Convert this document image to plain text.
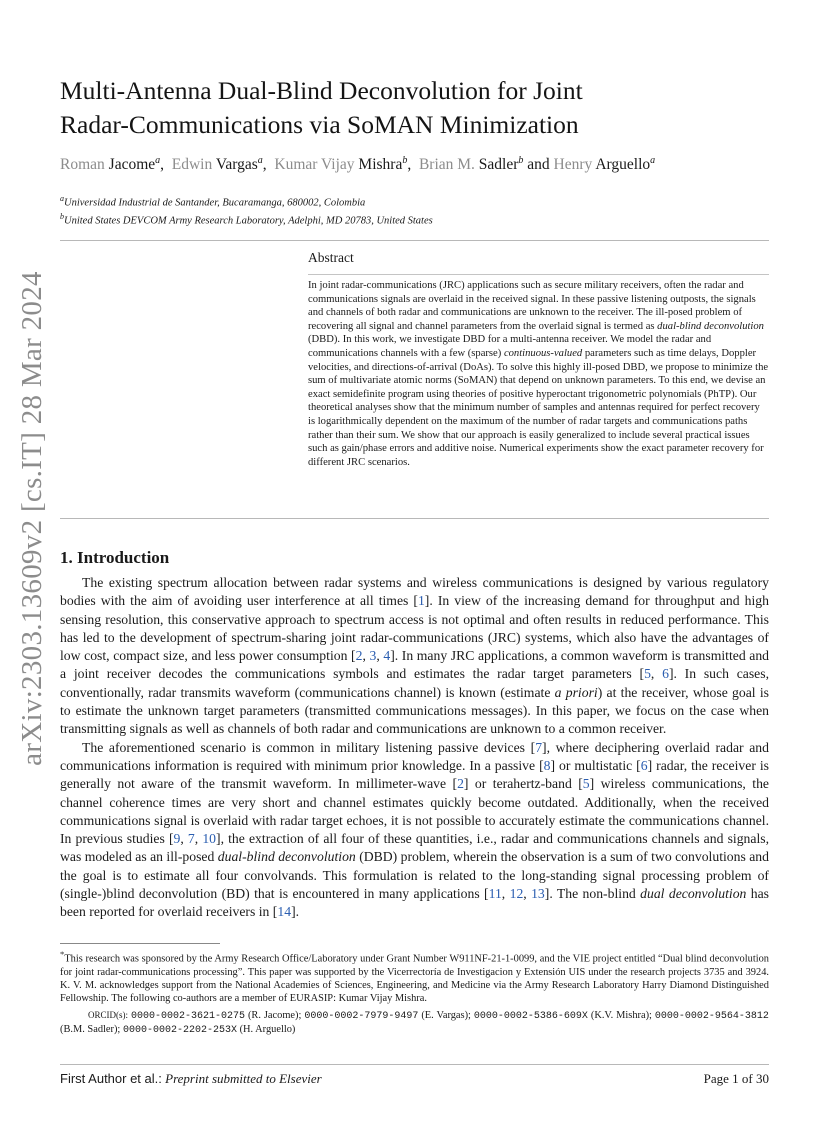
arXiv:2303.13609v2 [cs.IT] 28 Mar 2024
Multi-Antenna Dual-Blind Deconvolution for Joint
Radar-Communications via SoMAN Minimization
Roman Jacome$^a$, Edwin Vargas$^a$, Kumar Vijay Mishra$^b$, Brian M. Sadler$^b$ and Henry Arguello$^a$
$^a$Universidad Industrial de Santander, Bucaramanga, 680002, Colombia
$^b$United States DEVCOM Army Research Laboratory, Adelphi, MD 20783, United States
Abstract
In joint radar-communications (JRC) applications such as secure military receivers, often the radar and communications signals are overlaid in the received signal. In these passive listening outposts, the signals and channels of both radar and communications are unknown to the receiver. The ill-posed problem of recovering all signal and channel parameters from the overlaid signal is termed as dual-blind deconvolution (DBD). In this work, we investigate DBD for a multi-antenna receiver. We model the radar and communications channels with a few (sparse) continuous-valued parameters such as time delays, Doppler velocities, and directions-of-arrival (DoAs). To solve this highly ill-posed DBD, we propose to minimize the sum of multivariate atomic norms (SoMAN) that depend on unknown parameters. To this end, we devise an exact semidefinite program using theories of positive hyperoctant trigonometric polynomials (PhTP). Our theoretical analyses show that the minimum number of samples and antennas required for perfect recovery is logarithmically dependent on the maximum of the number of radar targets and communications paths rather than their sum. We show that our approach is easily generalized to include several practical issues such as gain/phase errors and additive noise. Numerical experiments show the exact parameter recovery for different JRC scenarios.
1. Introduction

The existing spectrum allocation between radar systems and wireless communications is designed by various regulatory bodies with the aim of avoiding user interference at all times [1]. In view of the increasing demand for throughput and high sensing resolution, this conservative approach to spectrum access is not optimal and often results in reduced performance. This has led to the development of spectrum-sharing joint radar-communications (JRC) systems, which also have the advantages of low cost, compact size, and less power consumption [2, 3, 4]. In many JRC applications, a common waveform is transmitted and a joint receiver decodes the communications symbols and estimates the radar target parameters [5, 6]. In such cases, conventionally, radar transmits waveform (communications channel) is known (estimate a priori) at the receiver, whose goal is to estimate the unknown target parameters (transmitted communications messages). In this paper, we focus on the case when transmitting signals as well as channels of both radar and communications are unknown to a common receiver.

The aforementioned scenario is common in military listening passive devices [7], where deciphering overlaid radar and communications information is required with minimum prior knowledge. In a passive [8] or multistatic [6] radar, the receiver is generally not aware of the transmit waveform. In millimeter-wave [2] or terahertz-band [5] wireless communications, the channel coherence times are very short and channel estimates quickly become outdated. Additionally, when the received communications signal is overlaid with radar target echoes, it is not possible to accurately estimate the communications channel. In previous studies [9, 7, 10], the extraction of all four of these quantities, i.e., radar and communications channels and signals, was modeled as an ill-posed dual-blind deconvolution (DBD) problem, wherein the observation is a sum of two convolutions and the goal is to estimate all four convolvands. This formulation is related to the long-standing signal processing problem of (single-)blind deconvolution (BD) that is encountered in many applications [11, 12, 13]. The non-blind dual deconvolution has been reported for overlaid receivers in [14].

*This research was sponsored by the Army Research Office/Laboratory under Grant Number W911NF-21-1-0099, and the VIE project entitled “Dual blind deconvolution for joint radar-communications processing”. This paper was supported by the Vicerrectoría de Investigacion y Extensión UIS under the research projects 3735 and 3924. K. V. M. acknowledges support from the National Academies of Sciences, Engineering, and Medicine via the Army Research Laboratory Harry Diamond Distinguished Fellowship. The following co-authors are a member of EURASIP: Kumar Vijay Mishra.

ORCID(s): 0000-0002-3621-0275 (R. Jacome); 0000-0002-7979-9497 (E. Vargas); 0000-0002-5386-609X (K.V. Mishra); 0000-0002-9564-3812 (B.M. Sadler); 0000-0002-2202-253X (H. Arguello)

First Author et al.: Preprint submitted to Elsevier	Page 1 of 30
